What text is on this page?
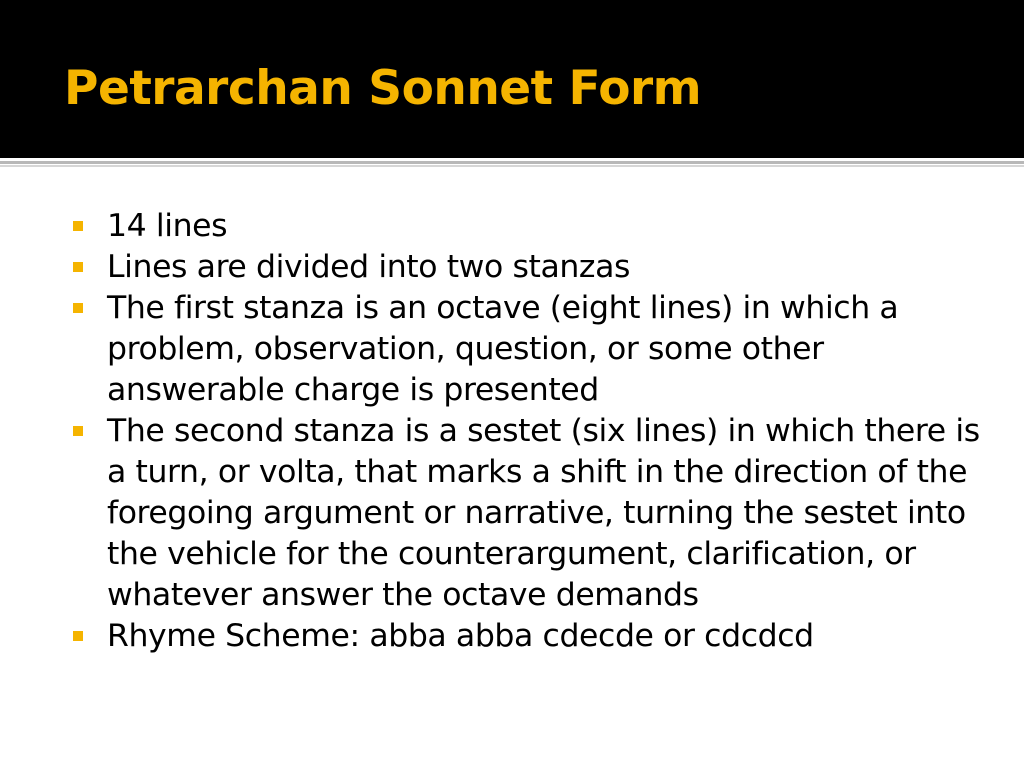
Petrarchan Sonnet Form
14 lines
Lines are divided into two stanzas
The first stanza is an octave (eight lines) in which a problem, observation, question, or some other answerable charge is presented
The second stanza is a sestet (six lines) in which there is a turn, or volta, that marks a shift in the direction of the foregoing argument or narrative, turning the sestet into the vehicle for the counterargument, clarification, or whatever answer the octave demands
Rhyme Scheme: abba abba cdecde or cdcdcd
